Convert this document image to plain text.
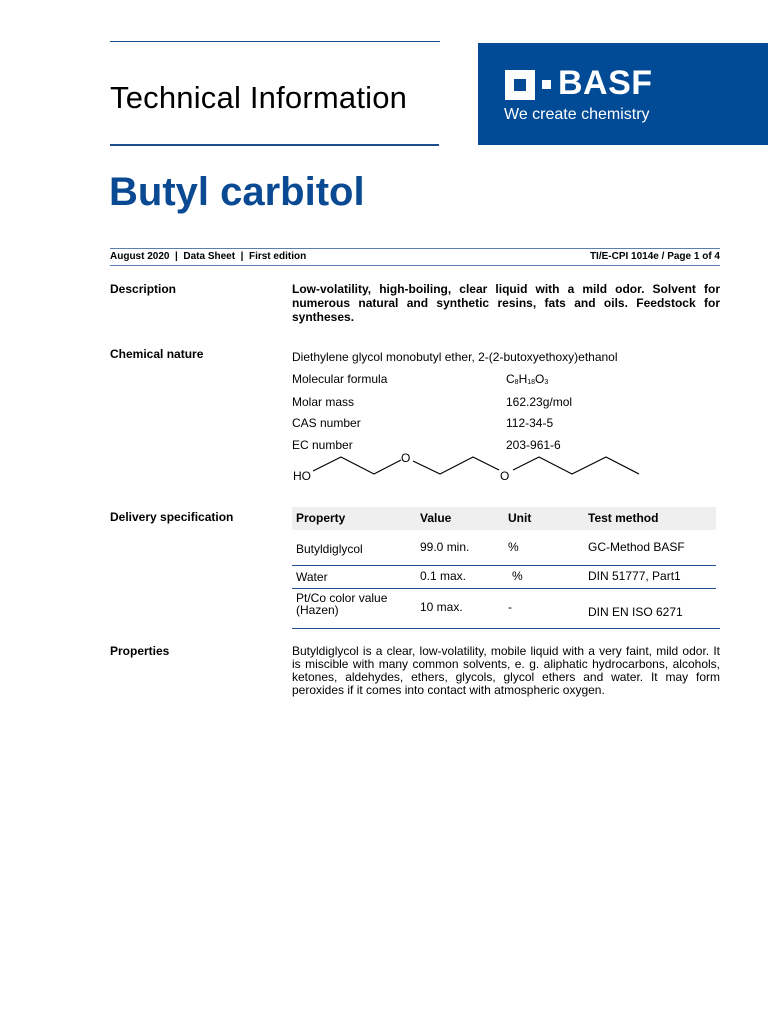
Technical Information	BASF
We create chemistry
Butyl carbitol
August 2020  |  Data Sheet  |  First edition	TI/E-CPI 1014e / Page 1 of 4
Description	Low-volatility, high-boiling, clear liquid with a mild odor. Solvent for numerous natural and synthetic resins, fats and oils. Feedstock for syntheses.
Chemical nature	Diethylene glycol monobutyl ether, 2-(2-butoxyethoxy)ethanol
Molecular formula	$C_8H_{18}O_3$
Molar mass	162.23g/mol
CAS number	112-34-5
EC number	203-961-6
HO
O
O
Delivery specification	Property	Value	Unit	Test method
Butyldiglycol	99.0 min.	%	GC-Method BASF
Water	0.1 max.	%	DIN 51777, Part1
Pt/Co color value (Hazen)	10 max.	-	DIN EN ISO 6271
Properties	Butyldiglycol is a clear, low-volatility, mobile liquid with a very faint, mild odor. It is miscible with many common solvents, e. g. aliphatic hydrocarbons, alcohols, ketones, aldehydes, ethers, glycols, glycol ethers and water. It may form peroxides if it comes into contact with atmospheric oxygen.
